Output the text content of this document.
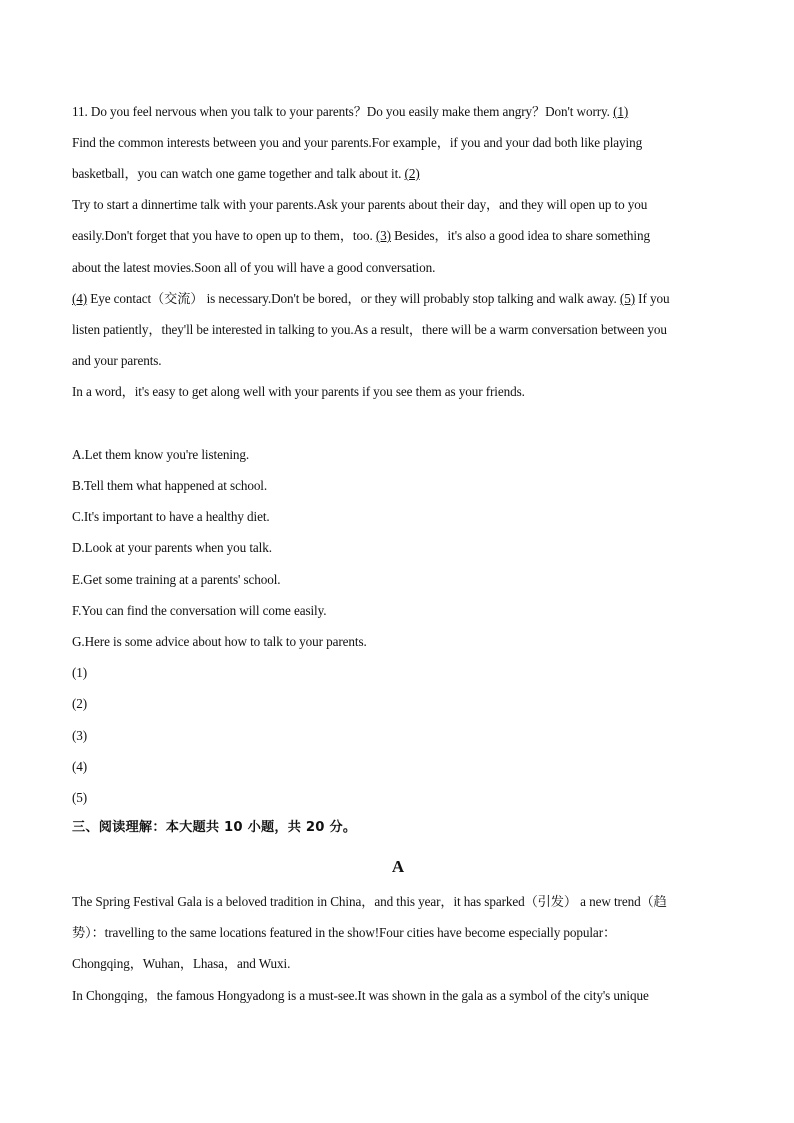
11. Do you feel nervous when you talk to your parents？Do you easily make them angry？Don't worry. (1)
Find the common interests between you and your parents.For example，if you and your dad both like playing
basketball，you can watch one game together and talk about it. (2)
Try to start a dinnertime talk with your parents.Ask your parents about their day，and they will open up to you
easily.Don't forget that you have to open up to them，too. (3) Besides，it's also a good idea to share something
about the latest movies.Soon all of you will have a good conversation.
(4) Eye contact（交流） is necessary.Don't be bored，or they will probably stop talking and walk away. (5) If you
listen patiently，they'll be interested in talking to you.As a result，there will be a warm conversation between you
and your parents.
In a word，it's easy to get along well with your parents if you see them as your friends.
A.Let them know you're listening.
B.Tell them what happened at school.
C.It's important to have a healthy diet.
D.Look at your parents when you talk.
E.Get some training at a parents' school.
F.You can find the conversation will come easily.
G.Here is some advice about how to talk to your parents.
(1)
(2)
(3)
(4)
(5)
三、阅读理解：本大题共 10 小题，共 20 分。
A
The Spring Festival Gala is a beloved tradition in China，and this year，it has sparked（引发） a new trend（趋
势）：travelling to the same locations featured in the show!Four cities have become especially popular：
Chongqing，Wuhan，Lhasa，and Wuxi.
In Chongqing，the famous Hongyadong is a must-see.It was shown in the gala as a symbol of the city's unique
